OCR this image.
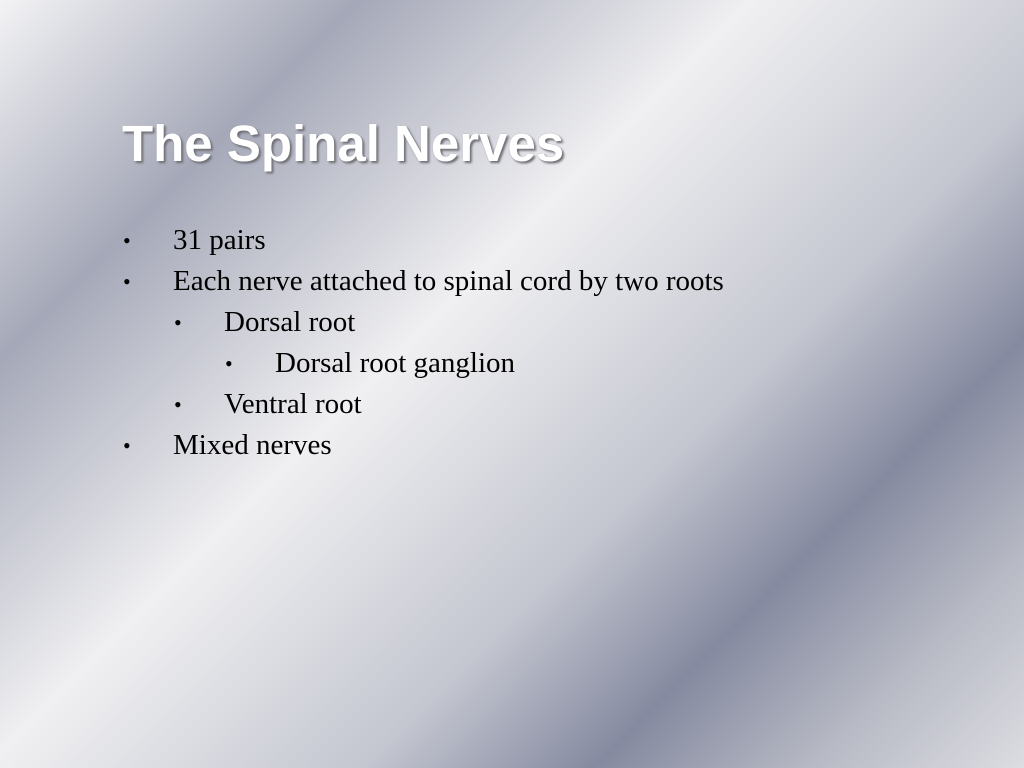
The Spinal Nerves
• 31 pairs
• Each nerve attached to spinal cord by two roots
• Dorsal root
• Dorsal root ganglion
• Ventral root
• Mixed nerves
